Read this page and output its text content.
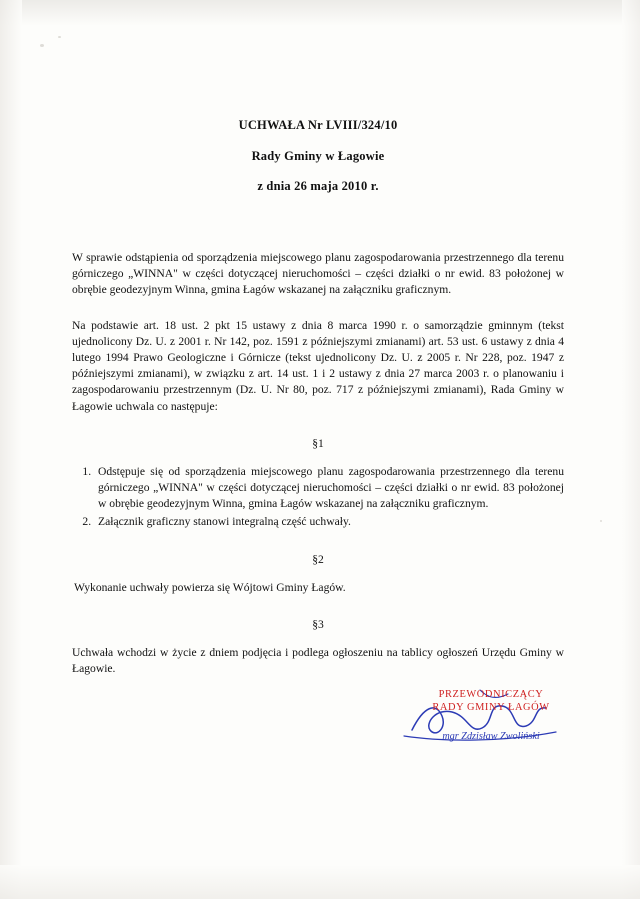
UCHWAŁA Nr LVIII/324/10

Rady Gminy w Łagowie

z dnia 26 maja 2010 r.

W sprawie odstąpienia od sporządzenia miejscowego planu zagospodarowania przestrzennego dla terenu górniczego „WINNA" w części dotyczącej nieruchomości – części działki o nr ewid. 83 położonej w obrębie geodezyjnym Winna, gmina Łagów wskazanej na załączniku graficznym.

Na podstawie art. 18 ust. 2 pkt 15 ustawy z dnia 8 marca 1990 r. o samorządzie gminnym (tekst ujednolicony Dz. U. z 2001 r. Nr 142, poz. 1591 z późniejszymi zmianami) art. 53 ust. 6 ustawy z dnia 4 lutego 1994 Prawo Geologiczne i Górnicze (tekst ujednolicony Dz. U. z 2005 r. Nr 228, poz. 1947 z późniejszymi zmianami), w związku z art. 14 ust. 1 i 2 ustawy z dnia 27 marca 2003 r. o planowaniu i zagospodarowaniu przestrzennym (Dz. U. Nr 80, poz. 717 z późniejszymi zmianami), Rada Gminy w Łagowie uchwala co następuje:

§1

1. Odstępuje się od sporządzenia miejscowego planu zagospodarowania przestrzennego dla terenu górniczego „WINNA" w części dotyczącej nieruchomości – części działki o nr ewid. 83 położonej w obrębie geodezyjnym Winna, gmina Łagów wskazanej na załączniku graficznym.
2. Załącznik graficzny stanowi integralną część uchwały.

§2

Wykonanie uchwały powierza się Wójtowi Gminy Łagów.

§3

Uchwała wchodzi w życie z dniem podjęcia i podlega ogłoszeniu na tablicy ogłoszeń Urzędu Gminy w Łagowie.

PRZEWODNICZĄCY
RADY GMINY ŁAGÓW
mgr Zdzisław Zwoliński
